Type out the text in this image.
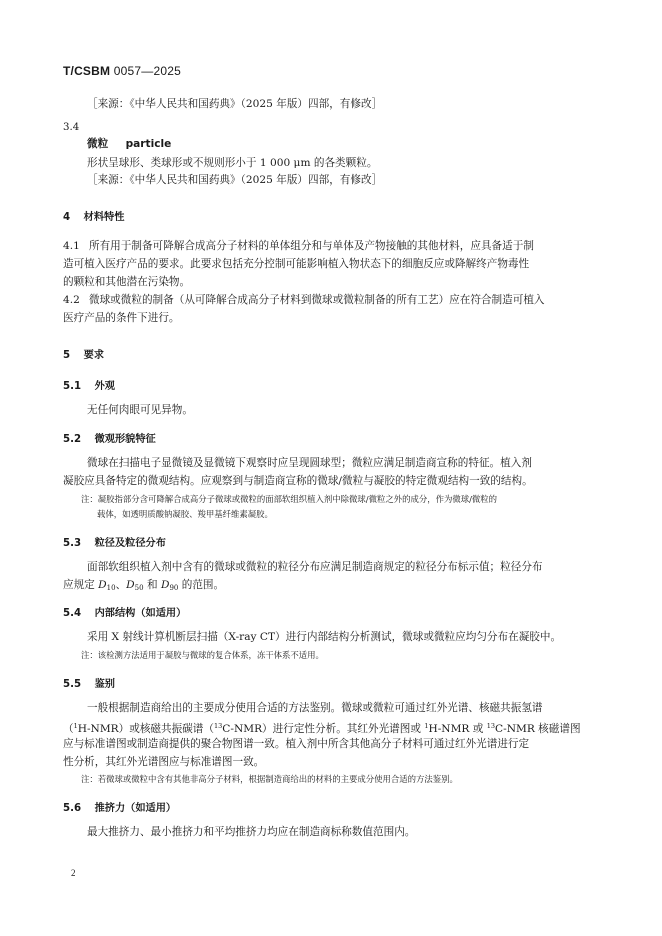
T/CSBM 0057—2025
［来源：《中华人民共和国药典》（2025 年版）四部，有修改］
3.4
微粒 particle
形状呈球形、类球形或不规则形小于 1 000 μm 的各类颗粒。
［来源：《中华人民共和国药典》（2025 年版）四部，有修改］
4 材料特性
4.1 所有用于制备可降解合成高分子材料的单体组分和与单体及产物接触的其他材料，应具备适于制
造可植入医疗产品的要求。此要求包括充分控制可能影响植入物状态下的细胞反应或降解终产物毒性
的颗粒和其他潜在污染物。
4.2 微球或微粒的制备（从可降解合成高分子材料到微球或微粒制备的所有工艺）应在符合制造可植入
医疗产品的条件下进行。
5 要求
5.1 外观
无任何肉眼可见异物。
5.2 微观形貌特征
微球在扫描电子显微镜及显微镜下观察时应呈现圆球型；微粒应满足制造商宣称的特征。植入剂
凝胶应具备特定的微观结构。应观察到与制造商宣称的微球/微粒与凝胶的特定微观结构一致的结构。
注：凝胶指部分含可降解合成高分子微球或微粒的面部软组织植入剂中除微球/微粒之外的成分，作为微球/微粒的
载体，如透明质酸钠凝胶、羧甲基纤维素凝胶。
5.3 粒径及粒径分布
面部软组织植入剂中含有的微球或微粒的粒径分布应满足制造商规定的粒径分布标示值；粒径分布
应规定 $D_{10}$、$D_{50}$ 和 $D_{90}$ 的范围。
5.4 内部结构（如适用）
采用 X 射线计算机断层扫描（X-ray CT）进行内部结构分析测试，微球或微粒应均匀分布在凝胶中。
注：该检测方法适用于凝胶与微球的复合体系，冻干体系不适用。
5.5 鉴别
一般根据制造商给出的主要成分使用合适的方法鉴别。微球或微粒可通过红外光谱、核磁共振氢谱
（$^1$H-NMR）或核磁共振碳谱（$^{13}$C-NMR）进行定性分析。其红外光谱图或 $^1$H-NMR 或 $^{13}$C-NMR 核磁谱图
应与标准谱图或制造商提供的聚合物图谱一致。植入剂中所含其他高分子材料可通过红外光谱进行定
性分析，其红外光谱图应与标准谱图一致。
注：若微球或微粒中含有其他非高分子材料，根据制造商给出的材料的主要成分使用合适的方法鉴别。
5.6 推挤力（如适用）
最大推挤力、最小推挤力和平均推挤力均应在制造商标称数值范围内。
2
